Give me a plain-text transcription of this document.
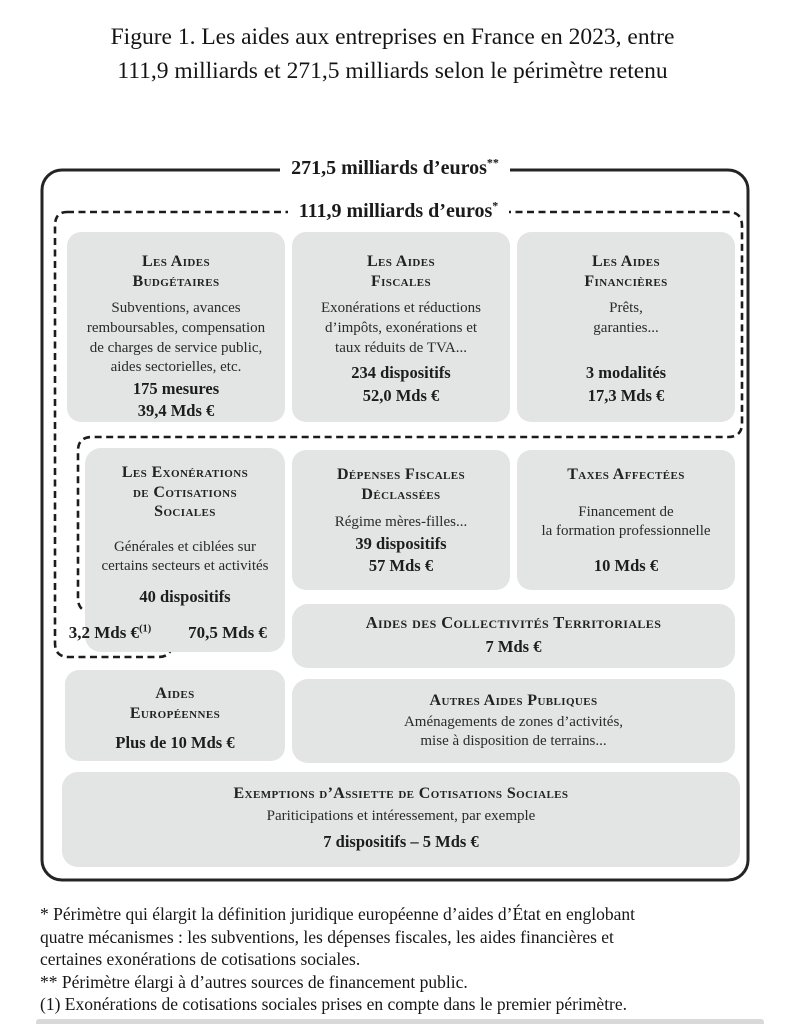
Figure 1. Les aides aux entreprises en France en 2023, entre
111,9 milliards et 271,5 milliards selon le périmètre retenu
271,5 milliards d’euros**
111,9 milliards d’euros*
Les Aides
Budgétaires
Subventions, avances
remboursables, compensation
de charges de service public,
aides sectorielles, etc.
175 mesures
39,4 Mds €
Les Aides
Fiscales
Exonérations et réductions
d’impôts, exonérations et
taux réduits de TVA...
234 dispositifs
52,0 Mds €
Les Aides
Financières
Prêts,
garanties...
3 modalités
17,3 Mds €
Les Exonérations
de Cotisations
Sociales
Générales et ciblées sur
certains secteurs et activités
40 dispositifs
3,2 Mds €$^{(1)}$	70,5 Mds €
Dépenses Fiscales
Déclassées
Régime mères-filles...
39 dispositifs
57 Mds €
Taxes Affectées
Financement de
la formation professionnelle
10 Mds €
Aides des Collectivités Territoriales
7 Mds €
Aides
Européennes
Plus de 10 Mds €
Autres Aides Publiques
Aménagements de zones d’activités,
mise à disposition de terrains...
Exemptions d’Assiette de Cotisations Sociales
Pariticipations et intéressement, par exemple
7 dispositifs – 5 Mds €
* Périmètre qui élargit la définition juridique européenne d’aides d’État en englobant
quatre mécanismes : les subventions, les dépenses fiscales, les aides financières et
certaines exonérations de cotisations sociales.
** Périmètre élargi à d’autres sources de financement public.
(1) Exonérations de cotisations sociales prises en compte dans le premier périmètre.
